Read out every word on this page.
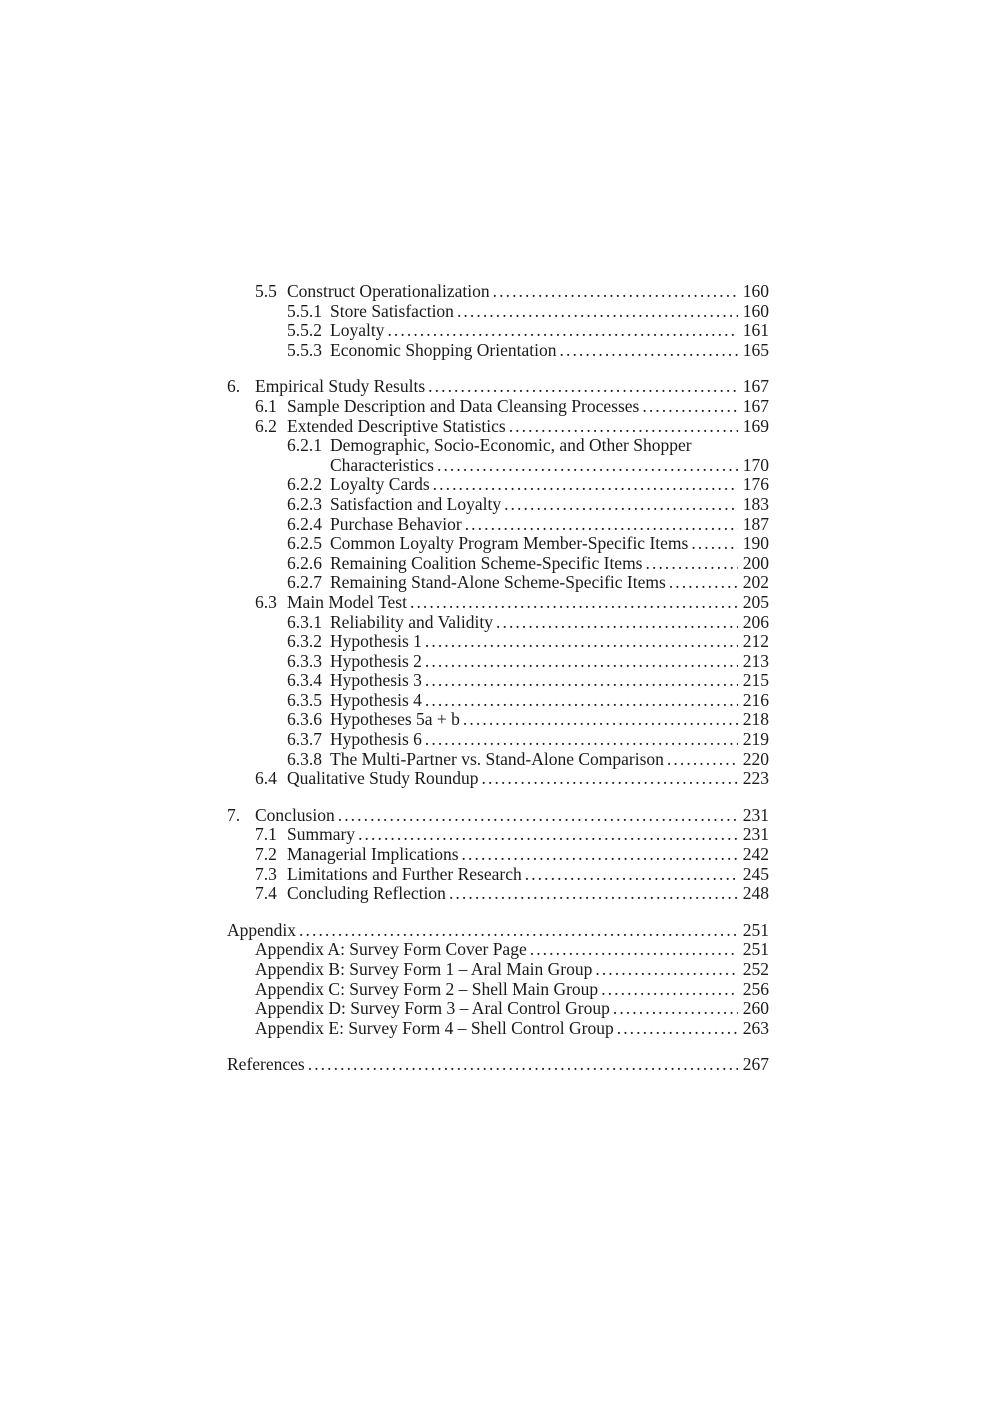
5.5 Construct Operationalization .....	160
5.5.1 Store Satisfaction .....	160
5.5.2 Loyalty .....	161
5.5.3 Economic Shopping Orientation .....	165
6. Empirical Study Results .....	167
6.1 Sample Description and Data Cleansing Processes .....	167
6.2 Extended Descriptive Statistics .....	169
6.2.1 Demographic, Socio-Economic, and Other Shopper
Characteristics .....	170
6.2.2 Loyalty Cards .....	176
6.2.3 Satisfaction and Loyalty .....	183
6.2.4 Purchase Behavior .....	187
6.2.5 Common Loyalty Program Member-Specific Items .....	190
6.2.6 Remaining Coalition Scheme-Specific Items .....	200
6.2.7 Remaining Stand-Alone Scheme-Specific Items .....	202
6.3 Main Model Test .....	205
6.3.1 Reliability and Validity .....	206
6.3.2 Hypothesis 1 .....	212
6.3.3 Hypothesis 2 .....	213
6.3.4 Hypothesis 3 .....	215
6.3.5 Hypothesis 4 .....	216
6.3.6 Hypotheses 5a + b .....	218
6.3.7 Hypothesis 6 .....	219
6.3.8 The Multi-Partner vs. Stand-Alone Comparison .....	220
6.4 Qualitative Study Roundup .....	223
7. Conclusion .....	231
7.1 Summary .....	231
7.2 Managerial Implications .....	242
7.3 Limitations and Further Research .....	245
7.4 Concluding Reflection .....	248
Appendix .....	251
Appendix A: Survey Form Cover Page .....	251
Appendix B: Survey Form 1 – Aral Main Group .....	252
Appendix C: Survey Form 2 – Shell Main Group .....	256
Appendix D: Survey Form 3 – Aral Control Group .....	260
Appendix E: Survey Form 4 – Shell Control Group .....	263
References .....	267
